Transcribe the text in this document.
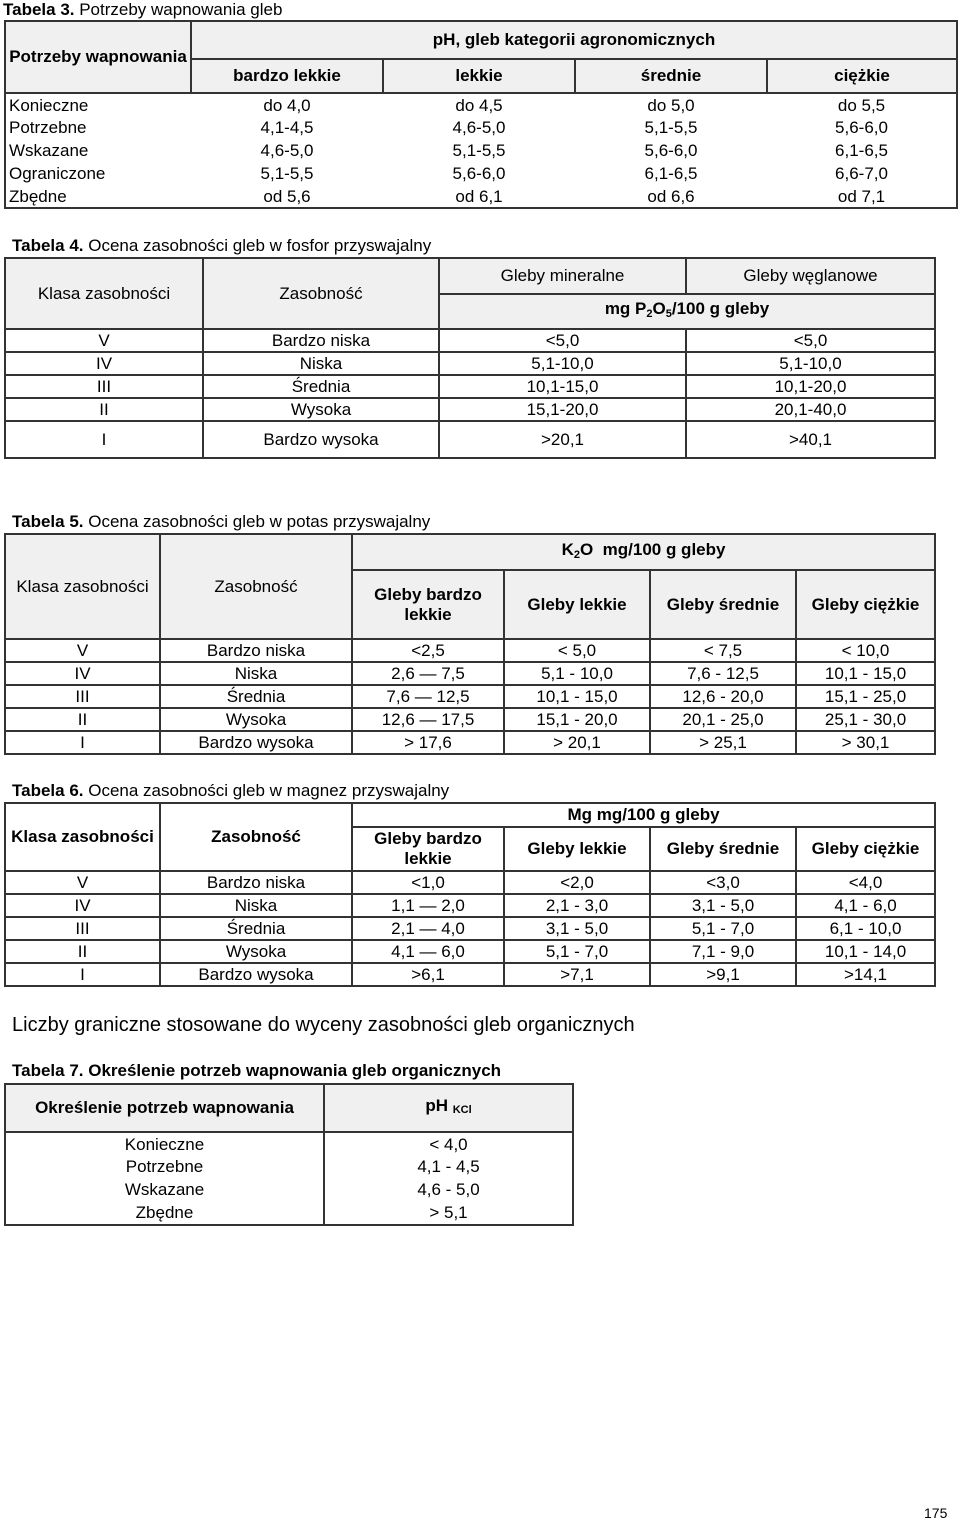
Tabela 3. Potrzeby wapnowania gleb
Potrzeby wapnowania	pH, gleb kategorii agronomicznych			
	bardzo lekkie	lekkie	średnie	ciężkie
Konieczne	do 4,0	do 4,5	do 5,0	do 5,5
Potrzebne	4,1-4,5	4,6-5,0	5,1-5,5	5,6-6,0
Wskazane	4,6-5,0	5,1-5,5	5,6-6,0	6,1-6,5
Ograniczone	5,1-5,5	5,6-6,0	6,1-6,5	6,6-7,0
Zbędne	od 5,6	od 6,1	od 6,6	od 7,1
Tabela 4. Ocena zasobności gleb w fosfor przyswajalny
Klasa zasobności	Zasobność	Gleby mineralne	Gleby węglanowe
		mg $P_2O_5/100$ g gleby	
V	Bardzo niska	<5,0	<5,0
IV	Niska	5,1-10,0	5,1-10,0
III	Średnia	10,1-15,0	10,1-20,0
II	Wysoka	15,1-20,0	20,1-40,0
I	Bardzo wysoka	>20,1	>40,1
Tabela 5. Ocena zasobności gleb w potas przyswajalny
Klasa zasobności	Zasobność	$K_2O$  mg/100 g gleby			
		Gleby bardzo lekkie	Gleby lekkie	Gleby średnie	Gleby ciężkie
V	Bardzo niska	<2,5	< 5,0	< 7,5	< 10,0
IV	Niska	2,6 — 7,5	5,1 - 10,0	7,6 - 12,5	10,1 - 15,0
III	Średnia	7,6 — 12,5	10,1 - 15,0	12,6 - 20,0	15,1 - 25,0
II	Wysoka	12,6 — 17,5	15,1 - 20,0	20,1 - 25,0	25,1 - 30,0
I	Bardzo wysoka	> 17,6	> 20,1	> 25,1	> 30,1
Tabela 6. Ocena zasobności gleb w magnez przyswajalny
Klasa zasobności	Zasobność	Mg mg/100 g gleby			
		Gleby bardzo lekkie	Gleby lekkie	Gleby średnie	Gleby ciężkie
V	Bardzo niska	<1,0	<2,0	<3,0	<4,0
IV	Niska	1,1 — 2,0	2,1 - 3,0	3,1 - 5,0	4,1 - 6,0
III	Średnia	2,1 — 4,0	3,1 - 5,0	5,1 - 7,0	6,1 - 10,0
II	Wysoka	4,1 — 6,0	5,1 - 7,0	7,1 - 9,0	10,1 - 14,0
I	Bardzo wysoka	>6,1	>7,1	>9,1	>14,1
Liczby graniczne stosowane do wyceny zasobności gleb organicznych
Tabela 7. Określenie potrzeb wapnowania gleb organicznych
Określenie potrzeb wapnowania	pH KCl
Konieczne	< 4,0
Potrzebne	4,1 - 4,5
Wskazane	4,6 - 5,0
Zbędne	> 5,1
175
